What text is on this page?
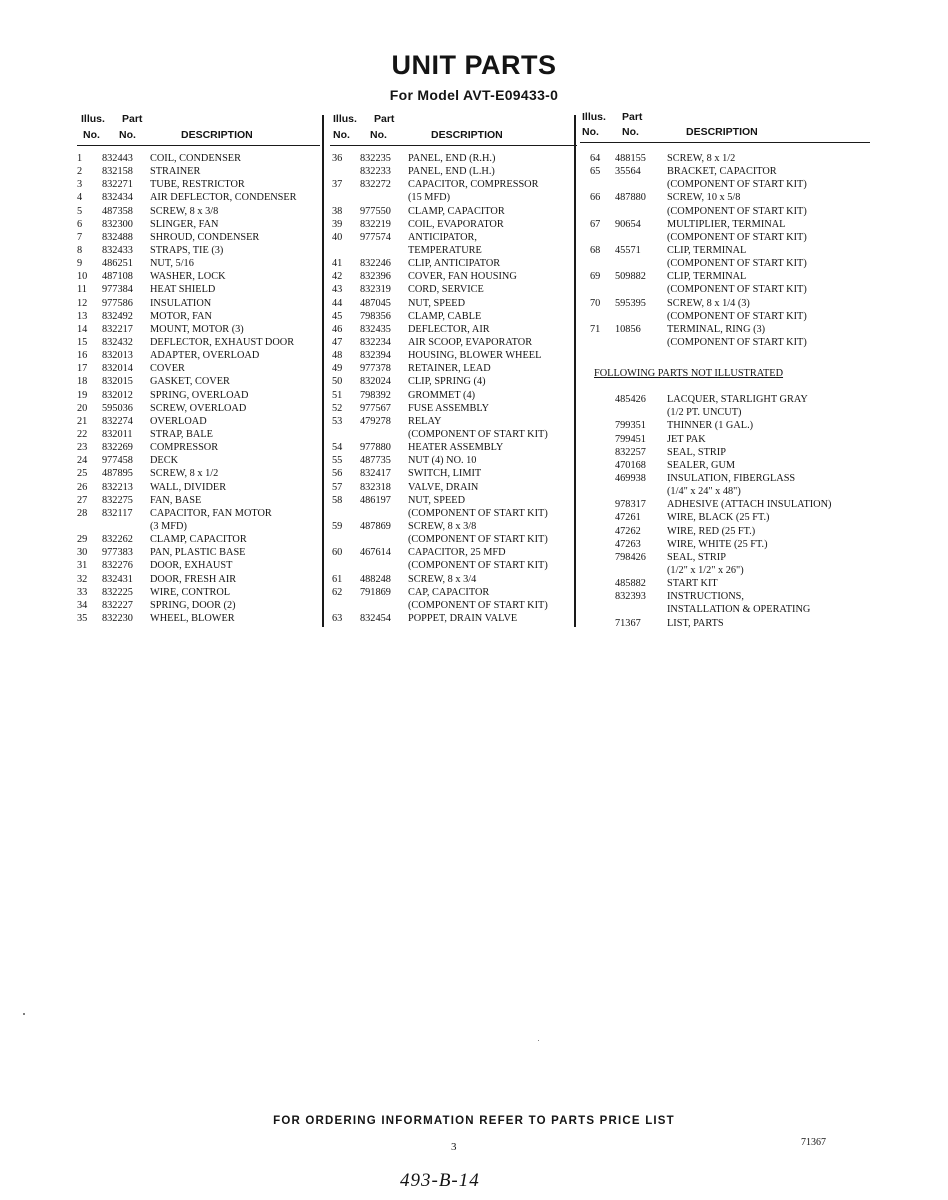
UNIT PARTS
For Model AVT-E09433-0
Illus. Part
No. No.	DESCRIPTION
1 832443 COIL, CONDENSER
2 832158 STRAINER
3 832271 TUBE, RESTRICTOR
4 832434 AIR DEFLECTOR, CONDENSER
5 487358 SCREW, 8 x 3/8
6 832300 SLINGER, FAN
7 832488 SHROUD, CONDENSER
8 832433 STRAPS, TIE (3)
9 486251 NUT, 5/16
10 487108 WASHER, LOCK
11 977384 HEAT SHIELD
12 977586 INSULATION
13 832492 MOTOR, FAN
14 832217 MOUNT, MOTOR (3)
15 832432 DEFLECTOR, EXHAUST DOOR
16 832013 ADAPTER, OVERLOAD
17 832014 COVER
18 832015 GASKET, COVER
19 832012 SPRING, OVERLOAD
20 595036 SCREW, OVERLOAD
21 832274 OVERLOAD
22 832011 STRAP, BALE
23 832269 COMPRESSOR
24 977458 DECK
25 487895 SCREW, 8 x 1/2
26 832213 WALL, DIVIDER
27 832275 FAN, BASE
28 832117 CAPACITOR, FAN MOTOR
(3 MFD)
29 832262 CLAMP, CAPACITOR
30 977383 PAN, PLASTIC BASE
31 832276 DOOR, EXHAUST
32 832431 DOOR, FRESH AIR
33 832225 WIRE, CONTROL
34 832227 SPRING, DOOR (2)
35 832230 WHEEL, BLOWER
Illus. Part
No. No.	DESCRIPTION
36 832235 PANEL, END (R.H.)
832233 PANEL, END (L.H.)
37 832272 CAPACITOR, COMPRESSOR
(15 MFD)
38 977550 CLAMP, CAPACITOR
39 832219 COIL, EVAPORATOR
40 977574 ANTICIPATOR,
TEMPERATURE
41 832246 CLIP, ANTICIPATOR
42 832396 COVER, FAN HOUSING
43 832319 CORD, SERVICE
44 487045 NUT, SPEED
45 798356 CLAMP, CABLE
46 832435 DEFLECTOR, AIR
47 832234 AIR SCOOP, EVAPORATOR
48 832394 HOUSING, BLOWER WHEEL
49 977378 RETAINER, LEAD
50 832024 CLIP, SPRING (4)
51 798392 GROMMET (4)
52 977567 FUSE ASSEMBLY
53 479278 RELAY
(COMPONENT OF START KIT)
54 977880 HEATER ASSEMBLY
55 487735 NUT (4) NO. 10
56 832417 SWITCH, LIMIT
57 832318 VALVE, DRAIN
58 486197 NUT, SPEED
(COMPONENT OF START KIT)
59 487869 SCREW, 8 x 3/8
(COMPONENT OF START KIT)
60 467614 CAPACITOR, 25 MFD
(COMPONENT OF START KIT)
61 488248 SCREW, 8 x 3/4
62 791869 CAP, CAPACITOR
(COMPONENT OF START KIT)
63 832454 POPPET, DRAIN VALVE
Illus. Part
No. No.	DESCRIPTION
64 488155 SCREW, 8 x 1/2
65 35564	BRACKET, CAPACITOR
(COMPONENT OF START KIT)
66 487880 SCREW, 10 x 5/8
(COMPONENT OF START KIT)
67 90654	MULTIPLIER, TERMINAL
(COMPONENT OF START KIT)
68 45571	CLIP, TERMINAL
(COMPONENT OF START KIT)
69 509882 CLIP, TERMINAL
(COMPONENT OF START KIT)
70 595395 SCREW, 8 x 1/4 (3)
(COMPONENT OF START KIT)
71 10856	TERMINAL, RING (3)
(COMPONENT OF START KIT)
FOLLOWING PARTS NOT ILLUSTRATED
485426 LACQUER, STARLIGHT GRAY
(1/2 PT. UNCUT)
799351 THINNER (1 GAL.)
799451 JET PAK
832257 SEAL, STRIP
470168 SEALER, GUM
469938 INSULATION, FIBERGLASS
(1/4" x 24" x 48")
978317 ADHESIVE (ATTACH INSULATION)
47261	WIRE, BLACK (25 FT.)
47262	WIRE, RED (25 FT.)
47263	WIRE, WHITE (25 FT.)
798426 SEAL, STRIP
(1/2" x 1/2" x 26")
485882 START KIT
832393 INSTRUCTIONS,
INSTALLATION & OPERATING
71367	LIST, PARTS
FOR ORDERING INFORMATION REFER TO PARTS PRICE LIST
3	71367
493-B-14
